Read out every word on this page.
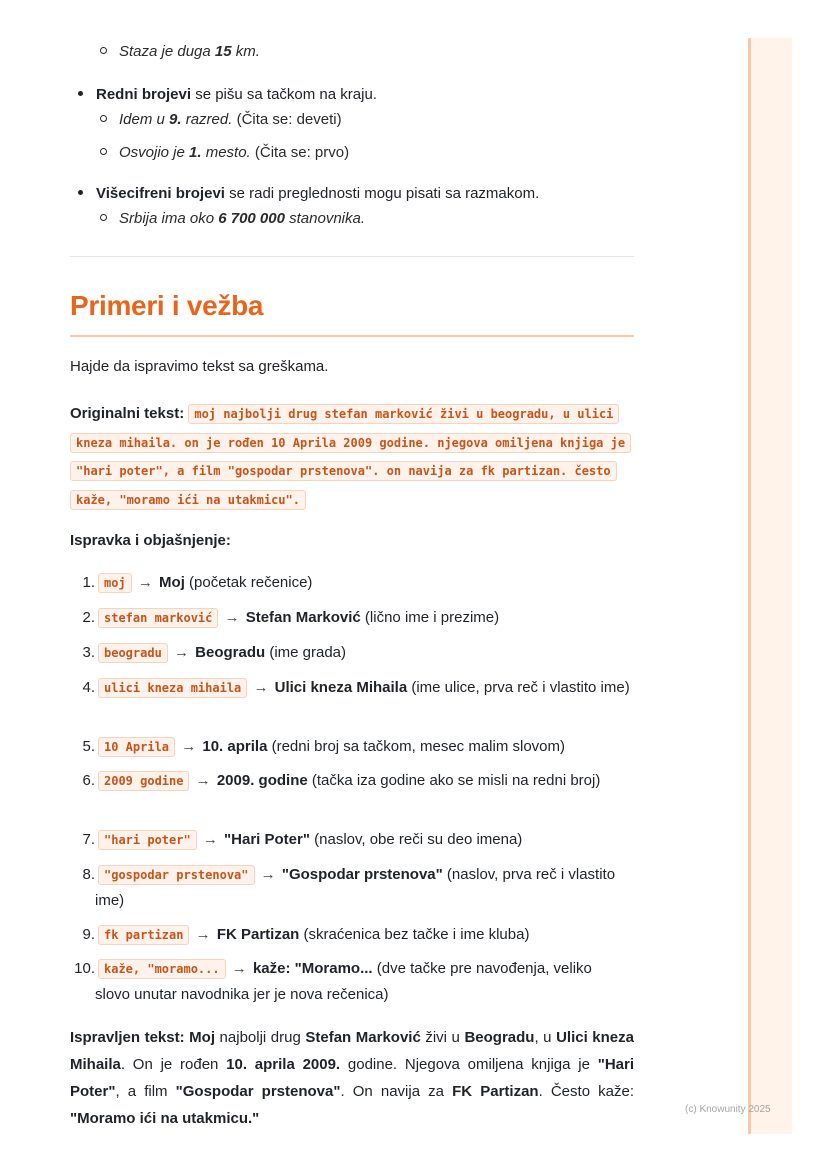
Staza je duga 15 km.
Redni brojevi se pišu sa tačkom na kraju.
Idem u 9. razred. (Čita se: deveti)
Osvojio je 1. mesto. (Čita se: prvo)
Višecifreni brojevi se radi preglednosti mogu pisati sa razmakom.
Srbija ima oko 6 700 000 stanovnika.
Primeri i vežba
Hajde da ispravimo tekst sa greškama.
Originalni tekst: moj najbolji drug stefan marković živi u beogradu, u ulici kneza mihaila. on je rođen 10 Aprila 2009 godine. njegova omiljena knjiga je "hari poter", a film "gospodar prstenova". on navija za fk partizan. često kaže, "moramo ići na utakmicu".
Ispravka i objašnjenje:
1. moj → Moj (početak rečenice)
2. stefan marković → Stefan Marković (lično ime i prezime)
3. beogradu → Beogradu (ime grada)
4. ulici kneza mihaila → Ulici kneza Mihaila (ime ulice, prva reč i vlastito ime)
5. 10 Aprila → 10. aprila (redni broj sa tačkom, mesec malim slovom)
6. 2009 godine → 2009. godine (tačka iza godine ako se misli na redni broj)
7. "hari poter" → "Hari Poter" (naslov, obe reči su deo imena)
8. "gospodar prstenova" → "Gospodar prstenova" (naslov, prva reč i vlastito ime)
9. fk partizan → FK Partizan (skraćenica bez tačke i ime kluba)
10. kaže, "moramo... → kaže: "Moramo... (dve tačke pre navođenja, veliko slovo unutar navodnika jer je nova rečenica)
Ispravljen tekst: Moj najbolji drug Stefan Marković živi u Beogradu, u Ulici kneza Mihaila. On je rođen 10. aprila 2009. godine. Njegova omiljena knjiga je "Hari Poter", a film "Gospodar prstenova". On navija za FK Partizan. Često kaže: "Moramo ići na utakmicu."
(c) Knowunity 2025
